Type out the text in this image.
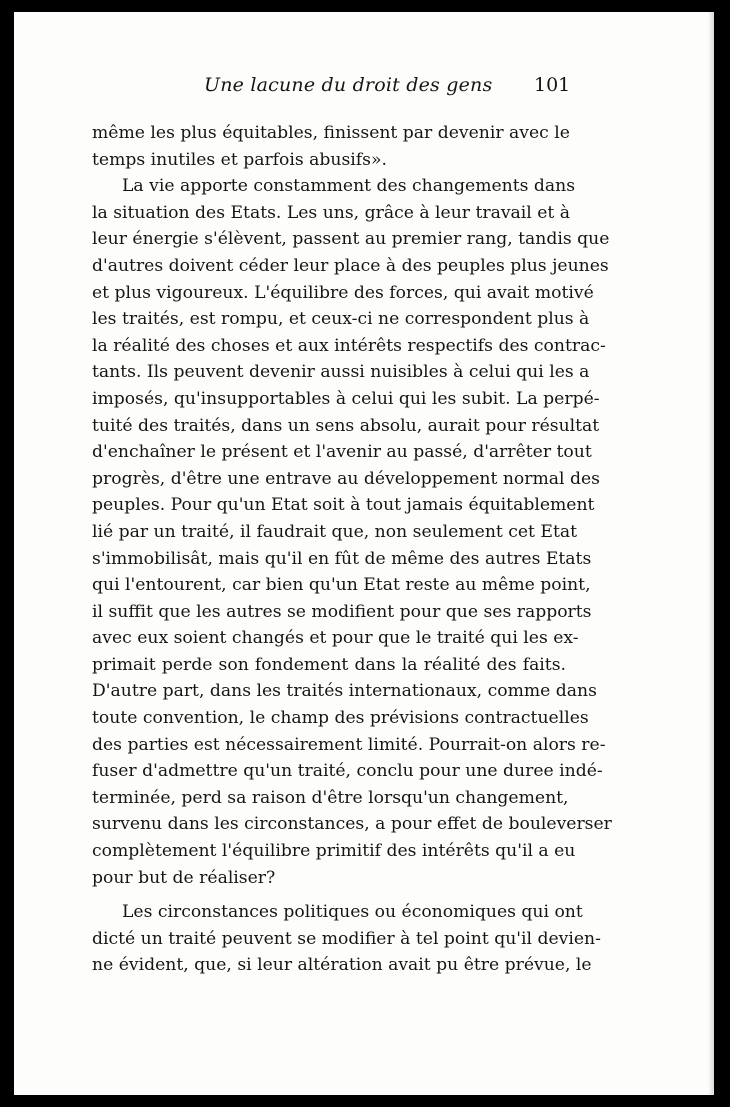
Une lacune du droit des gens 101
même les plus équitables, finissent par devenir avec le
temps inutiles et parfois abusifs».
La vie apporte constamment des changements dans
la situation des Etats. Les uns, grâce à leur travail et à
leur énergie s'élèvent, passent au premier rang, tandis que
d'autres doivent céder leur place à des peuples plus jeunes
et plus vigoureux. L'équilibre des forces, qui avait motivé
les traités, est rompu, et ceux-ci ne correspondent plus à
la réalité des choses et aux intérêts respectifs des contrac-
tants. Ils peuvent devenir aussi nuisibles à celui qui les a
imposés, qu'insupportables à celui qui les subit. La perpé-
tuité des traités, dans un sens absolu, aurait pour résultat
d'enchaîner le présent et l'avenir au passé, d'arrêter tout
progrès, d'être une entrave au développement normal des
peuples. Pour qu'un Etat soit à tout jamais équitablement
lié par un traité, il faudrait que, non seulement cet Etat
s'immobilisât, mais qu'il en fût de même des autres Etats
qui l'entourent, car bien qu'un Etat reste au même point,
il suffit que les autres se modifient pour que ses rapports
avec eux soient changés et pour que le traité qui les ex-
primait perde son fondement dans la réalité des faits.
D'autre part, dans les traités internationaux, comme dans
toute convention, le champ des prévisions contractuelles
des parties est nécessairement limité. Pourrait-on alors re-
fuser d'admettre qu'un traité, conclu pour une duree indé-
terminée, perd sa raison d'être lorsqu'un changement,
survenu dans les circonstances, a pour effet de bouleverser
complètement l'équilibre primitif des intérêts qu'il a eu
pour but de réaliser?
Les circonstances politiques ou économiques qui ont
dicté un traité peuvent se modifier à tel point qu'il devien-
ne évident, que, si leur altération avait pu être prévue, le
